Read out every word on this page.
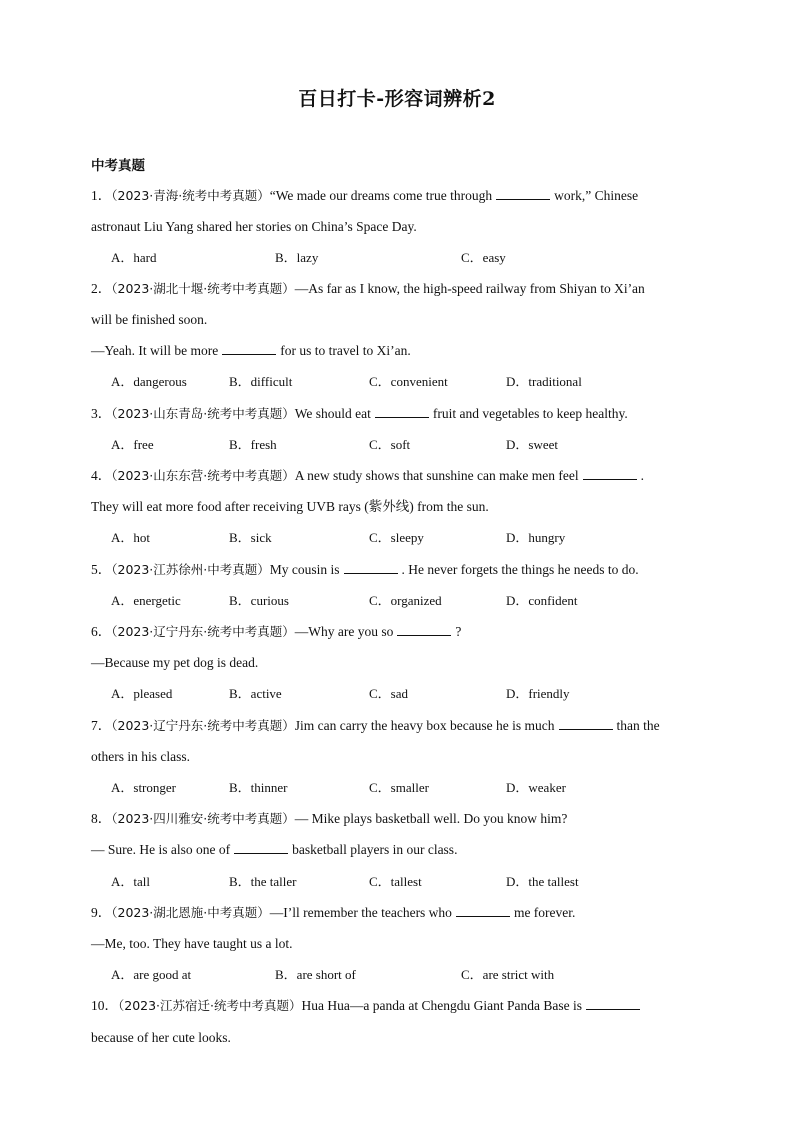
百日打卡-形容词辨析2
中考真题
1．（2023·青海·统考中考真题）“We made our dreams come true through	work,” Chinese
astronaut Liu Yang shared her stories on China’s Space Day.
A．hard	B．lazy	C．easy
2．（2023·湖北十堰·统考中考真题）—As far as I know, the high-speed railway from Shiyan to Xi’an
will be finished soon.
—Yeah. It will be more	for us to travel to Xi’an.
A．dangerous	B．difficult	C．convenient	D．traditional
3．（2023·山东青岛·统考中考真题）We should eat	fruit and vegetables to keep healthy.
A．free	B．fresh	C．soft	D．sweet
4．（2023·山东东营·统考中考真题）A new study shows that sunshine can make men feel	.
They will eat more food after receiving UVB rays (紫外线) from the sun.
A．hot	B．sick	C．sleepy	D．hungry
5．（2023·江苏徐州·中考真题）My cousin is	. He never forgets the things he needs to do.
A．energetic	B．curious	C．organized	D．confident
6．（2023·辽宁丹东·统考中考真题）—Why are you so	?
—Because my pet dog is dead.
A．pleased	B．active	C．sad	D．friendly
7．（2023·辽宁丹东·统考中考真题）Jim can carry the heavy box because he is much	than the
others in his class.
A．stronger	B．thinner	C．smaller	D．weaker
8．（2023·四川雅安·统考中考真题）— Mike plays basketball well. Do you know him?
— Sure. He is also one of	basketball players in our class.
A．tall	B．the taller	C．tallest	D．the tallest
9．（2023·湖北恩施·中考真题）—I’ll remember the teachers who	me forever.
—Me, too. They have taught us a lot.
A．are good at	B．are short of	C．are strict with
10．（2023·江苏宿迁·统考中考真题）Hua Hua—a panda at Chengdu Giant Panda Base is
because of her cute looks.
